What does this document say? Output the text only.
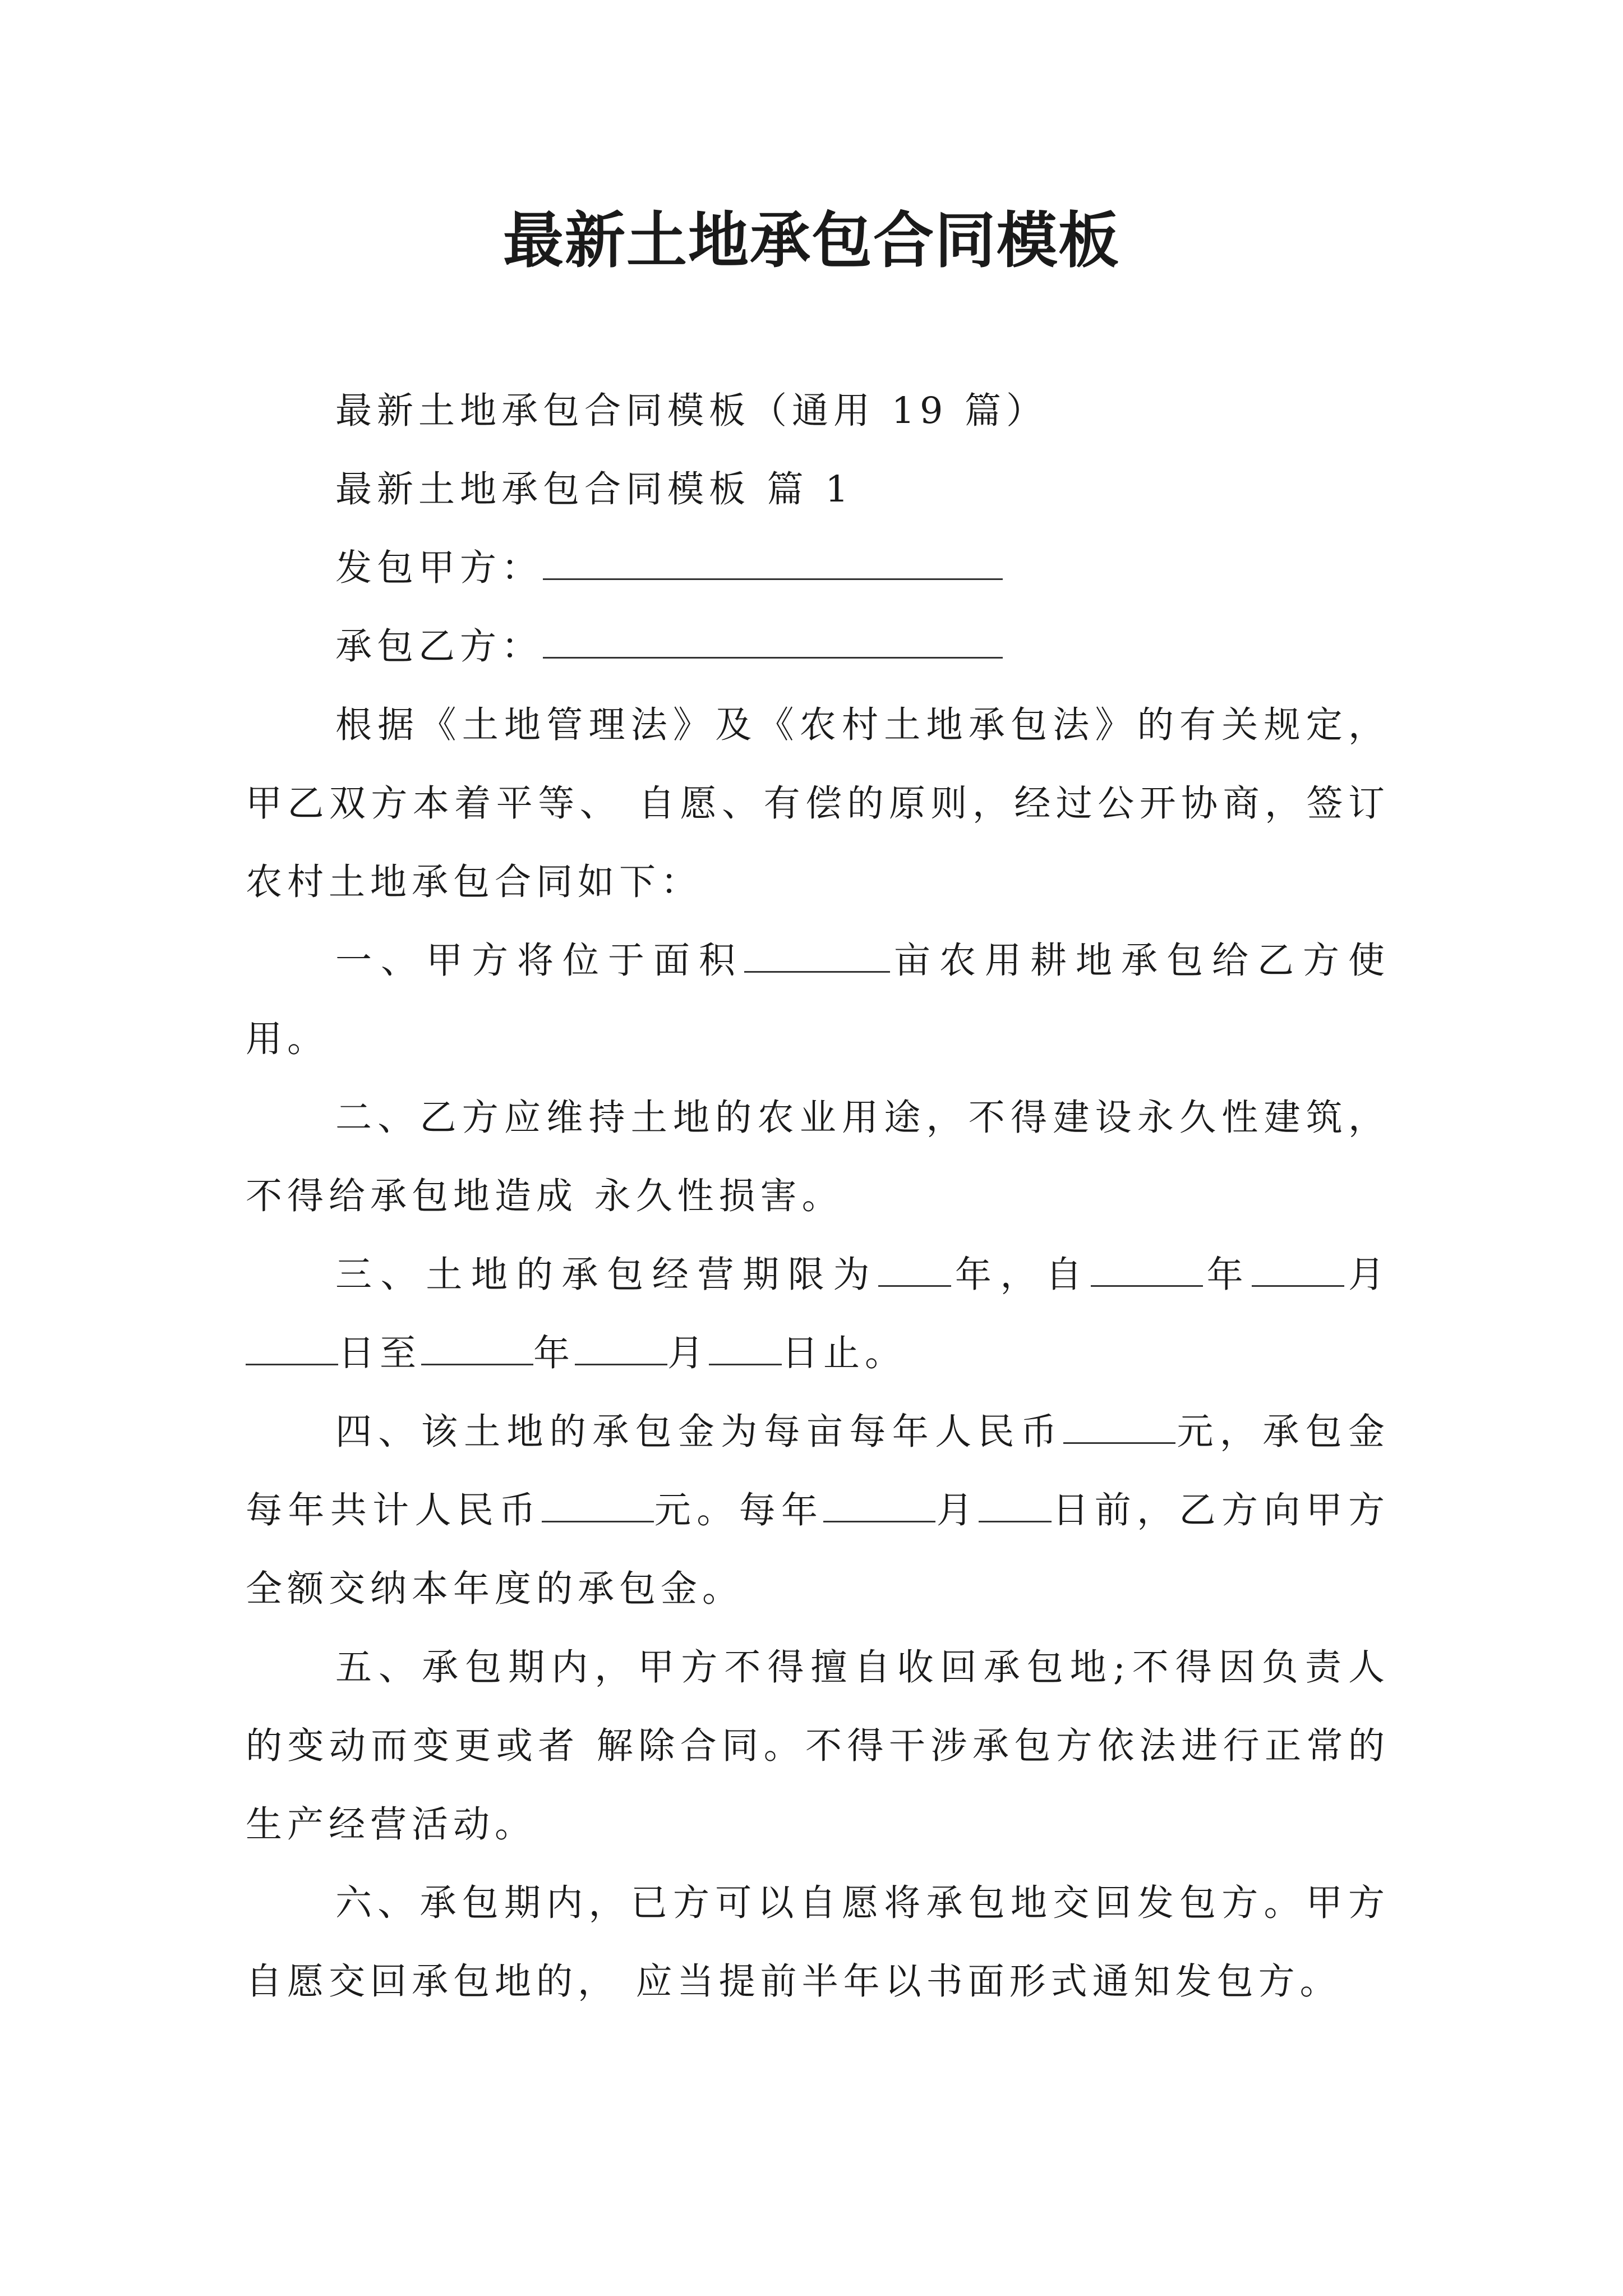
最新土地承包合同模板

最新土地承包合同模板（通用 19 篇）

最新土地承包合同模板 篇 1

发包甲方：

承包乙方：

根据《土地管理法》及《农村土地承包法》的有关规定，甲乙双方本着平等、 自愿、有偿的原则，经过公开协商，签订农村土地承包合同如下：

一、甲方将位于面积	亩农用耕地承包给乙方使用。

二、乙方应维持土地的农业用途，不得建设永久性建筑，不得给承包地造成 永久性损害。

三、土地的承包经营期限为 年，自	年	月日至	年	月 日止。

四、该土地的承包金为每亩每年人民币	元，承包金每年共计人民币	元。每年	月 日前，乙方向甲方全额交纳本年度的承包金。

五、承包期内，甲方不得擅自收回承包地;不得因负责人的变动而变更或者 解除合同。不得干涉承包方依法进行正常的生产经营活动。

六、承包期内，已方可以自愿将承包地交回发包方。甲方自愿交回承包地的， 应当提前半年以书面形式通知发包方。
